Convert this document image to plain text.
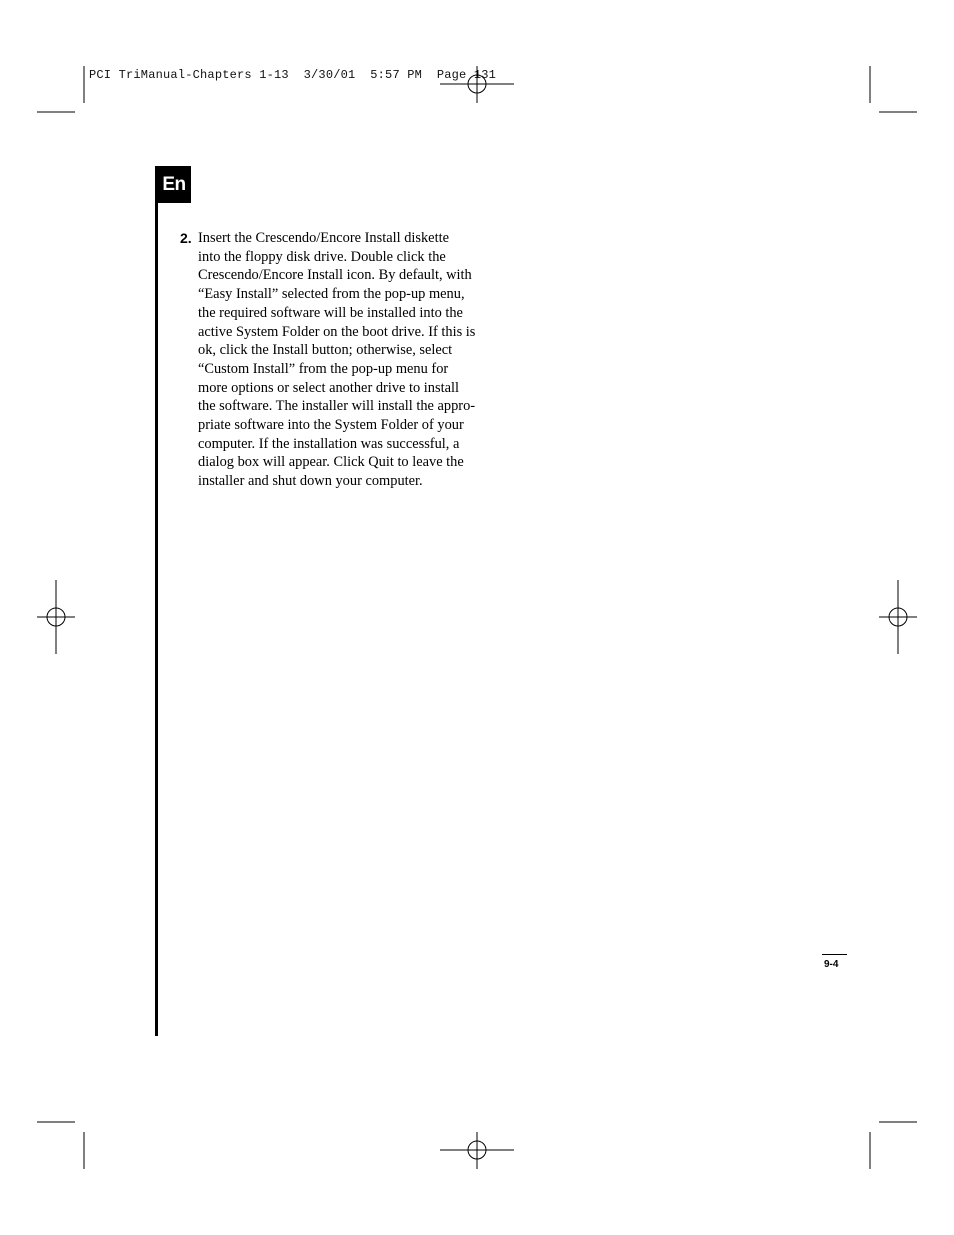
PCI TriManual-Chapters 1-13  3/30/01  5:57 PM  Page 131
En
2. Insert the Crescendo/Encore Install diskette
into the floppy disk drive. Double click the
Crescendo/Encore Install icon. By default, with
“Easy Install” selected from the pop-up menu,
the required software will be installed into the
active System Folder on the boot drive. If this is
ok, click the Install button; otherwise, select
“Custom Install” from the pop-up menu for
more options or select another drive to install
the software. The installer will install the appro-
priate software into the System Folder of your
computer. If the installation was successful, a
dialog box will appear. Click Quit to leave the
installer and shut down your computer.
9-4
